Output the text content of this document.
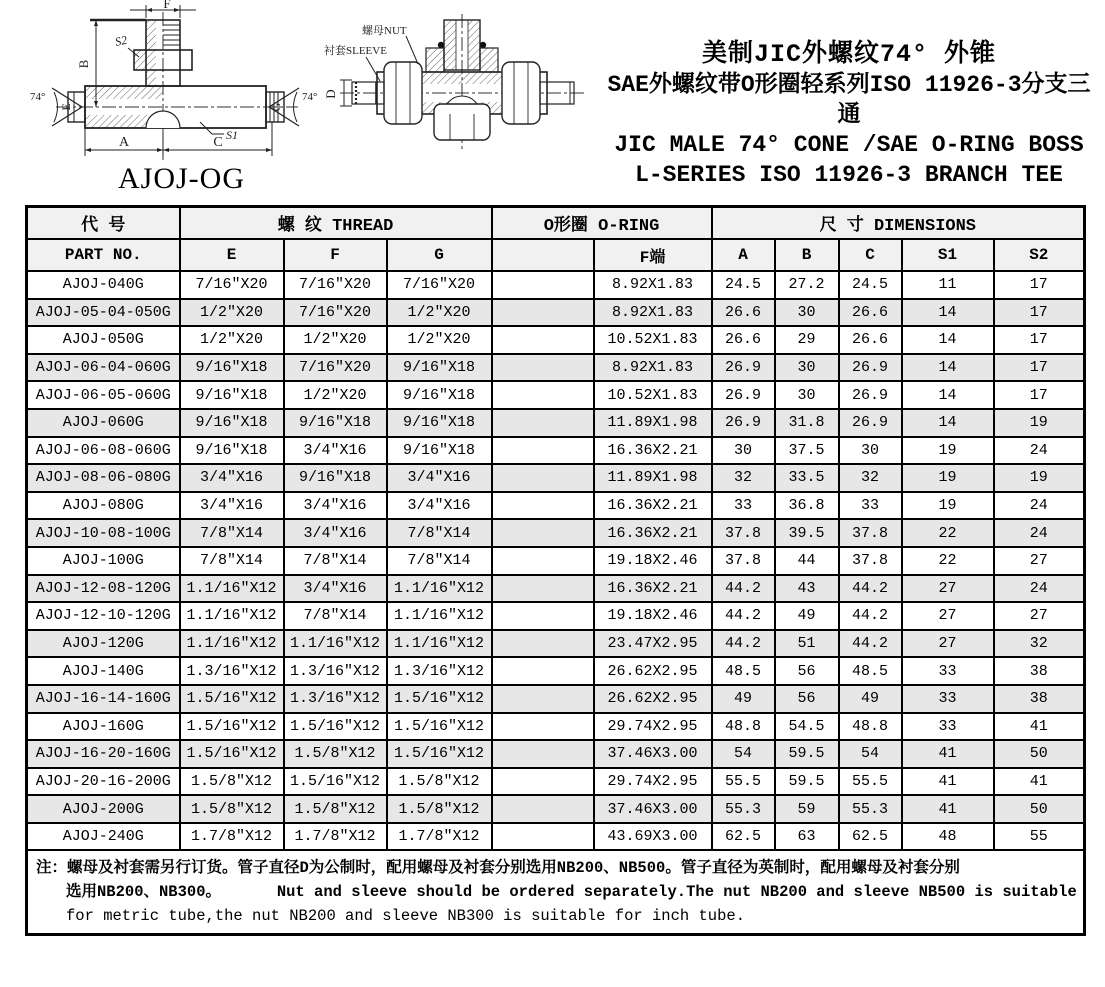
74°
E
74°
G
F
B
S2
S1
A	C
AJOJ-OG
D
螺母NUT
衬套SLEEVE	美制JIC外螺纹74° 外锥
SAE外螺纹带O形圈轻系列ISO 11926-3分支三通
JIC MALE 74° CONE /SAE O-RING BOSS
L-SERIES ISO 11926-3 BRANCH TEE
代 号	螺 纹 THREAD			O形圈 O-RING		尺 寸 DIMENSIONS				
PART NO.	E	F	G		F端	A	B	C	S1	S2
AJOJ-040G	7/16″X20	7/16″X20	7/16″X20		8.92X1.83	24.5	27.2	24.5	11	17
AJOJ-05-04-050G	1/2″X20	7/16″X20	1/2″X20		8.92X1.83	26.6	30	26.6	14	17
AJOJ-050G	1/2″X20	1/2″X20	1/2″X20		10.52X1.83	26.6	29	26.6	14	17
AJOJ-06-04-060G	9/16″X18	7/16″X20	9/16″X18		8.92X1.83	26.9	30	26.9	14	17
AJOJ-06-05-060G	9/16″X18	1/2″X20	9/16″X18		10.52X1.83	26.9	30	26.9	14	17
AJOJ-060G	9/16″X18	9/16″X18	9/16″X18		11.89X1.98	26.9	31.8	26.9	14	19
AJOJ-06-08-060G	9/16″X18	3/4″X16	9/16″X18		16.36X2.21	30	37.5	30	19	24
AJOJ-08-06-080G	3/4″X16	9/16″X18	3/4″X16		11.89X1.98	32	33.5	32	19	19
AJOJ-080G	3/4″X16	3/4″X16	3/4″X16		16.36X2.21	33	36.8	33	19	24
AJOJ-10-08-100G	7/8″X14	3/4″X16	7/8″X14		16.36X2.21	37.8	39.5	37.8	22	24
AJOJ-100G	7/8″X14	7/8″X14	7/8″X14		19.18X2.46	37.8	44	37.8	22	27
AJOJ-12-08-120G	1.1/16″X12	3/4″X16	1.1/16″X12		16.36X2.21	44.2	43	44.2	27	24
AJOJ-12-10-120G	1.1/16″X12	7/8″X14	1.1/16″X12		19.18X2.46	44.2	49	44.2	27	27
AJOJ-120G	1.1/16″X12	1.1/16″X12	1.1/16″X12		23.47X2.95	44.2	51	44.2	27	32
AJOJ-140G	1.3/16″X12	1.3/16″X12	1.3/16″X12		26.62X2.95	48.5	56	48.5	33	38
AJOJ-16-14-160G	1.5/16″X12	1.3/16″X12	1.5/16″X12		26.62X2.95	49	56	49	33	38
AJOJ-160G	1.5/16″X12	1.5/16″X12	1.5/16″X12		29.74X2.95	48.8	54.5	48.8	33	41
AJOJ-16-20-160G	1.5/16″X12	1.5/8″X12	1.5/16″X12		37.46X3.00	54	59.5	54	41	50
AJOJ-20-16-200G	1.5/8″X12	1.5/16″X12	1.5/8″X12		29.74X2.95	55.5	59.5	55.5	41	41
AJOJ-200G	1.5/8″X12	1.5/8″X12	1.5/8″X12		37.46X3.00	55.3	59	55.3	41	50
AJOJ-240G	1.7/8″X12	1.7/8″X12	1.7/8″X12		43.69X3.00	62.5	63	62.5	48	55

注：螺母及衬套需另行订货。管子直径D为公制时，配用螺母及衬套分别选用NB200、NB500。管子直径为英制时，配用螺母及衬套分别
选用NB200、NB300。      Nut and sleeve should be ordered separately.The nut NB200 and sleeve NB500 is suitable
for metric tube,the nut NB200 and sleeve NB300 is suitable for inch tube.										
